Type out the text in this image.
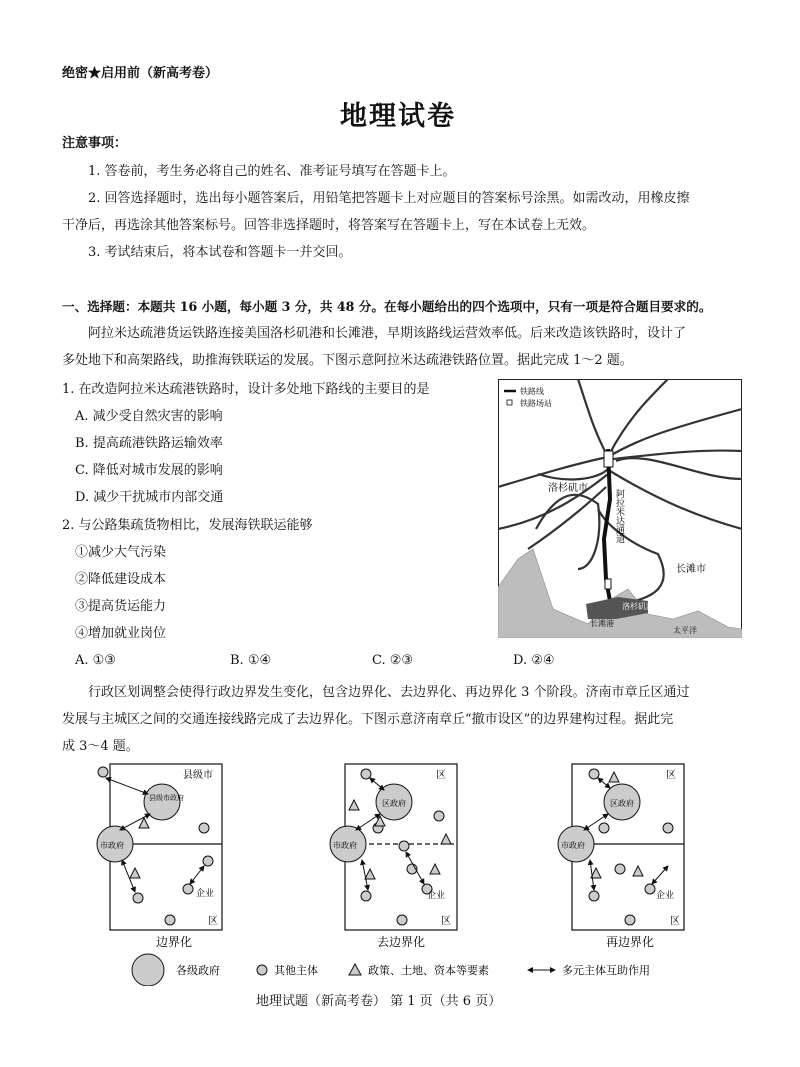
绝密★启用前（新高考卷）
地理试卷
注意事项：
1. 答卷前，考生务必将自己的姓名、准考证号填写在答题卡上。
2. 回答选择题时，选出每小题答案后，用铅笔把答题卡上对应题目的答案标号涂黑。如需改动，用橡皮擦
干净后，再选涂其他答案标号。回答非选择题时，将答案写在答题卡上，写在本试卷上无效。
3. 考试结束后，将本试卷和答题卡一并交回。
一、选择题：本题共 16 小题，每小题 3 分，共 48 分。在每小题给出的四个选项中，只有一项是符合题目要求的。
阿拉米达疏港货运铁路连接美国洛杉矶港和长滩港，早期该路线运营效率低。后来改造该铁路时，设计了
多处地下和高架路线，助推海铁联运的发展。下图示意阿拉米达疏港铁路位置。据此完成 1～2 题。
1. 在改造阿拉米达疏港铁路时，设计多处地下路线的主要目的是
A. 减少受自然灾害的影响
B. 提高疏港铁路运输效率
C. 降低对城市发展的影响
D. 减少干扰城市内部交通
2. 与公路集疏货物相比，发展海铁联运能够
①减少大气污染
②降低建设成本
③提高货运能力
④增加就业岗位
A. ①③	B. ①④	C. ②③	D. ②④
铁路线
铁路场站
洛杉矶市
阿拉米达通道
长滩市
洛杉矶港
长滩港
太平洋
行政区划调整会使得行政边界发生变化，包含边界化、去边界化、再边界化 3 个阶段。济南市章丘区通过
发展与主城区之间的交通连接线路完成了去边界化。下图示意济南章丘“撤市设区”的边界建构过程。据此完
成 3～4 题。
县级市
县级市政府
市政府
企业
区
边界化
区
区政府
市政府
企业
区
去边界化
区
区政府
市政府
企业
区
再边界化
各级政府	其他主体	政策、土地、资本等要素	多元主体互助作用
地理试题（新高考卷） 第 1 页（共 6 页）
